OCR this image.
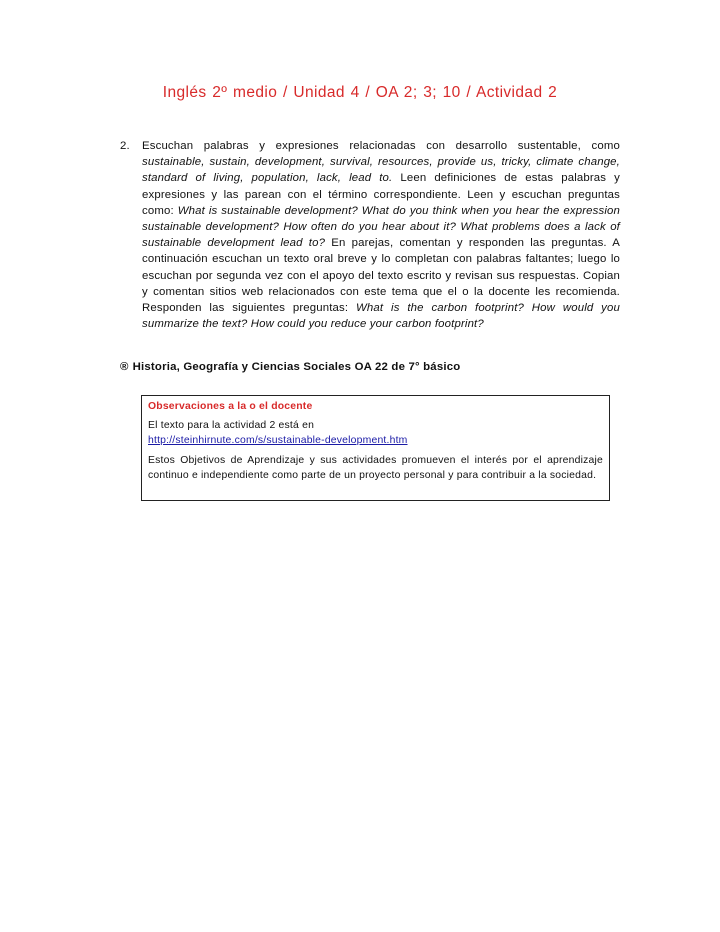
Inglés 2º medio / Unidad 4 / OA 2; 3; 10 / Actividad 2
2. Escuchan palabras y expresiones relacionadas con desarrollo sustentable, como sustainable, sustain, development, survival, resources, provide us, tricky, climate change, standard of living, population, lack, lead to. Leen definiciones de estas palabras y expresiones y las parean con el término correspondiente. Leen y escuchan preguntas como: What is sustainable development? What do you think when you hear the expression sustainable development? How often do you hear about it? What problems does a lack of sustainable development lead to? En parejas, comentan y responden las preguntas. A continuación escuchan un texto oral breve y lo completan con palabras faltantes; luego lo escuchan por segunda vez con el apoyo del texto escrito y revisan sus respuestas. Copian y comentan sitios web relacionados con este tema que el o la docente les recomienda. Responden las siguientes preguntas: What is the carbon footprint? How would you summarize the text? How could you reduce your carbon footprint?
® Historia, Geografía y Ciencias Sociales OA 22 de 7° básico
Observaciones a la o el docente
El texto para la actividad 2 está en
http://steinhirnute.com/s/sustainable-development.htm
Estos Objetivos de Aprendizaje y sus actividades promueven el interés por el aprendizaje continuo e independiente como parte de un proyecto personal y para contribuir a la sociedad.
